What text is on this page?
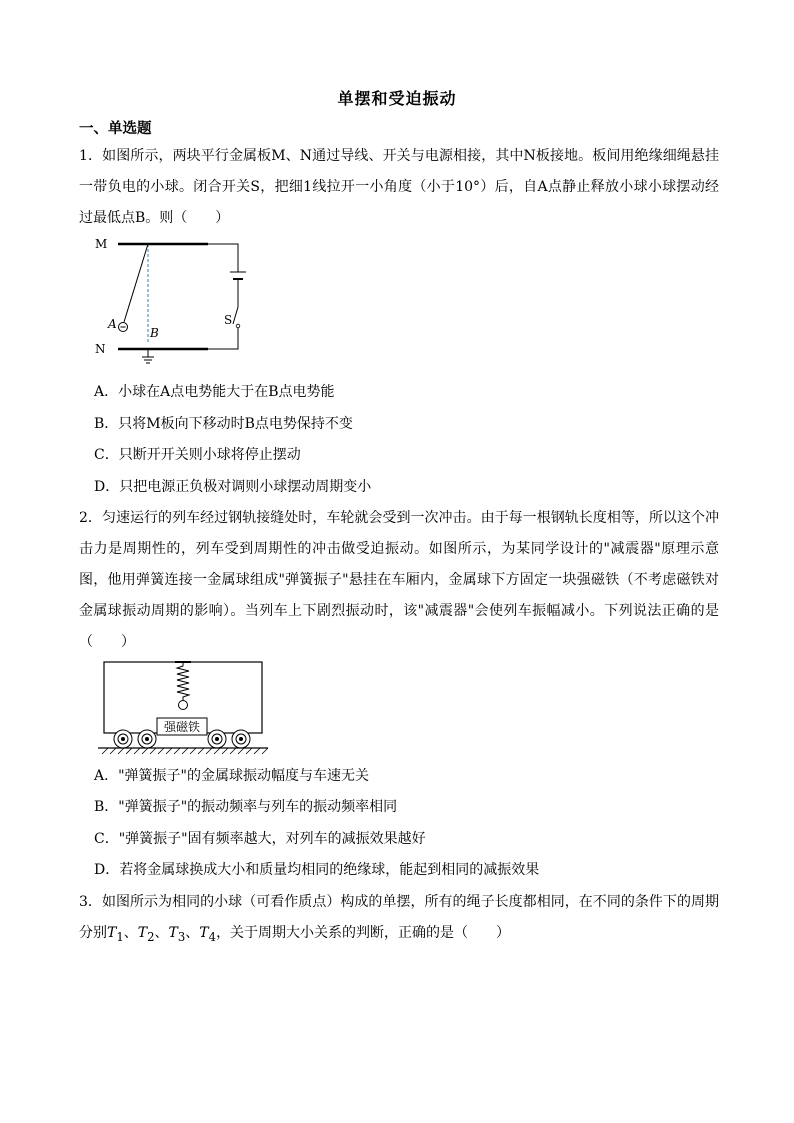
单摆和受迫振动
一、单选题
1．如图所示，两块平行金属板M、N通过导线、开关与电源相接，其中N板接地。板间用绝缘细绳悬挂一带负电的小球。闭合开关S，把细1线拉开一小角度（小于10°）后，自A点静止释放小球小球摆动经过最低点B。则（　　）
M
N
A
B
S
A．小球在A点电势能大于在B点电势能
B．只将M板向下移动时B点电势保持不变
C．只断开开关则小球将停止摆动
D．只把电源正负极对调则小球摆动周期变小
2．匀速运行的列车经过钢轨接缝处时，车轮就会受到一次冲击。由于每一根钢轨长度相等，所以这个冲击力是周期性的，列车受到周期性的冲击做受迫振动。如图所示，为某同学设计的"减震器"原理示意图，他用弹簧连接一金属球组成"弹簧振子"悬挂在车厢内，金属球下方固定一块强磁铁（不考虑磁铁对金属球振动周期的影响）。当列车上下剧烈振动时，该"减震器"会使列车振幅减小。下列说法正确的是（　　）
强磁铁
A．"弹簧振子"的金属球振动幅度与车速无关
B．"弹簧振子"的振动频率与列车的振动频率相同
C．"弹簧振子"固有频率越大，对列车的减振效果越好
D．若将金属球换成大小和质量均相同的绝缘球，能起到相同的减振效果
3．如图所示为相同的小球（可看作质点）构成的单摆，所有的绳子长度都相同，在不同的条件下的周期分别$T_1$、$T_2$、$T_3$、$T_4$，关于周期大小关系的判断，正确的是（　　）
